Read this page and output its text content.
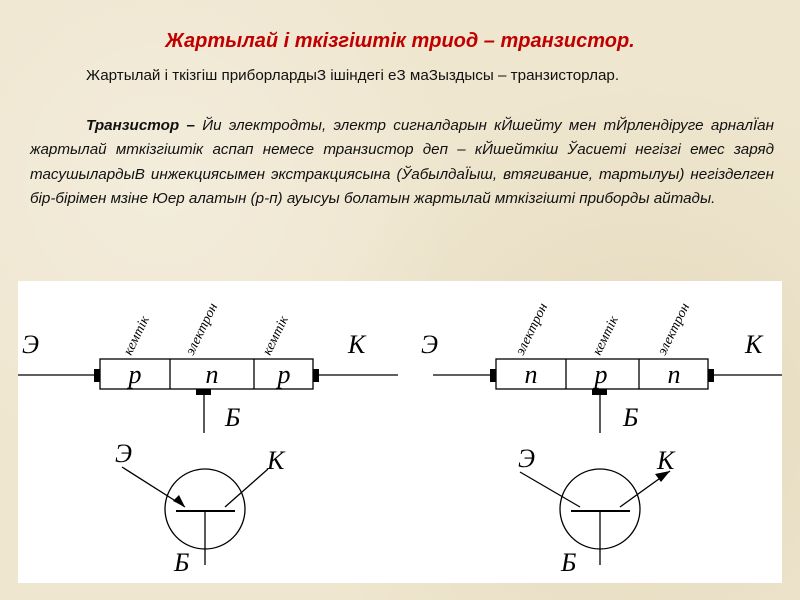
Жартылай і ткізгіштік триод – транзистор.
Жартылай і ткізгіш приборлардыЗ ішіндегі еЗ маЗыздысы – транзисторлар.
Транзистор – Йи электродты, электр сигналдарын кЙшейту мен тЙрлендіруге арналЇан жартылай мткізгіштік аспап немесе транзистор деп – кЙшейткіш Ўасиеті негізгі емес заряд тасушылардыВ инжекциясымен экстракциясына (ЎабылдаЇыш, втягивание, тартылуы) негізделген бір-бірімен мзіне Юер алатын (р-п) ауысуы болатын жартылай мткізгішті приборды айтады.
Э	К
Б
p n p
кемтік электрон	кемтік
Э	К
Б
Э	К
Б
n p n
электрон	кемтік электрон
Э	К
Б
